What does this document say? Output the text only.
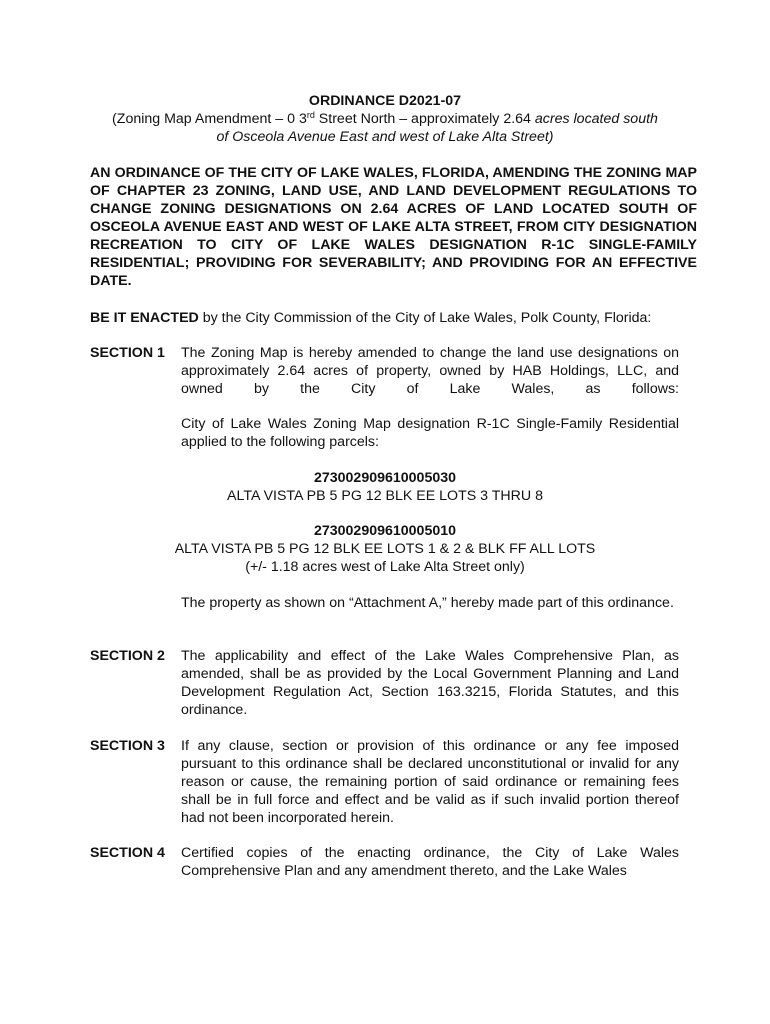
ORDINANCE D2021-07
(Zoning Map Amendment – 0 3rd Street North – approximately 2.64 acres located south
of Osceola Avenue East and west of Lake Alta Street)
AN ORDINANCE OF THE CITY OF LAKE WALES, FLORIDA, AMENDING THE ZONING MAP OF CHAPTER 23 ZONING, LAND USE, AND LAND DEVELOPMENT REGULATIONS TO CHANGE ZONING DESIGNATIONS ON 2.64 ACRES OF LAND LOCATED SOUTH OF OSCEOLA AVENUE EAST AND WEST OF LAKE ALTA STREET, FROM CITY DESIGNATION RECREATION TO CITY OF LAKE WALES DESIGNATION R-1C SINGLE-FAMILY RESIDENTIAL; PROVIDING FOR SEVERABILITY; AND PROVIDING FOR AN EFFECTIVE DATE.
BE IT ENACTED by the City Commission of the City of Lake Wales, Polk County, Florida:
SECTION 1 The Zoning Map is hereby amended to change the land use designations on approximately 2.64 acres of property, owned by HAB Holdings, LLC, and owned by the City of Lake Wales, as follows:
City of Lake Wales Zoning Map designation R-1C Single-Family Residential applied to the following parcels:
273002909610005030
ALTA VISTA PB 5 PG 12 BLK EE LOTS 3 THRU 8
273002909610005010
ALTA VISTA PB 5 PG 12 BLK EE LOTS 1 & 2 & BLK FF ALL LOTS
(+/- 1.18 acres west of Lake Alta Street only)
The property as shown on “Attachment A,” hereby made part of this ordinance.
SECTION 2 The applicability and effect of the Lake Wales Comprehensive Plan, as amended, shall be as provided by the Local Government Planning and Land Development Regulation Act, Section 163.3215, Florida Statutes, and this ordinance.
SECTION 3 If any clause, section or provision of this ordinance or any fee imposed pursuant to this ordinance shall be declared unconstitutional or invalid for any reason or cause, the remaining portion of said ordinance or remaining fees shall be in full force and effect and be valid as if such invalid portion thereof had not been incorporated herein.
SECTION 4 Certified copies of the enacting ordinance, the City of Lake Wales Comprehensive Plan and any amendment thereto, and the Lake Wales
